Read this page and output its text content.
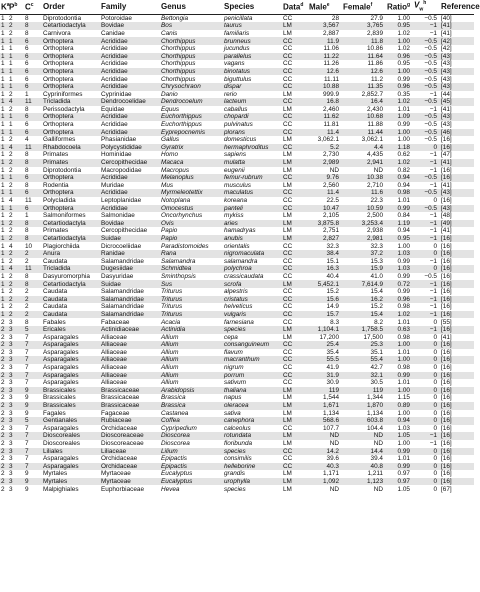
$K^a$	$P^b$	$C^c$	Order	Family	Genus	Species	Data$^d$	Male$^e$	Female$^f$	Ratio$^g$	$V_w^h$	Reference
1	2	8	Diprotodontia	Potoroidae	Bettongia	penicillata	CC	28	27.9	1.00	−0.5	[40]
1	2	8	Cetartiodactyla	Bovidae	Bos	taurus	LM	3,567	3,765	0.95	−1	[41]
1	2	8	Carnivora	Canidae	Canis	familiaris	LM	2,887	2,839	1.02	−1	[41]
1	1	6	Orthoptera	Acrididae	Chorthippus	brunneus	CC	11.9	11.8	1.00	−0.5	[42]
1	1	6	Orthoptera	Acrididae	Chorthippus	jucundus	CC	11.06	10.86	1.02	−0.5	[42]
1	1	6	Orthoptera	Acrididae	Chorthippus	parallelus	CC	11.22	11.64	0.96	−0.5	[43]
1	1	6	Orthoptera	Acrididae	Chorthippus	vagans	CC	11.26	11.86	0.95	−0.5	[43]
1	1	6	Orthoptera	Acrididae	Chorthippus	binotatus	CC	12.6	12.6	1.00	−0.5	[43]
1	1	6	Orthoptera	Acrididae	Chorthippus	biguttulus	CC	11.11	11.2	0.99	−0.5	[43]
1	1	6	Orthoptera	Acrididae	Chrysochraon	dispar	CC	10.88	11.35	0.96	−0.5	[43]
1	2	1	Cypriniformes	Cyprinidae	Danio	rerio	LM	999.9	2,852.7	0.35	−1	[44]
1	4	11	Tricladida	Dendrocoelidae	Dendrocoelum	lacteum	CC	16.8	16.4	1.02	−0.5	[45]
1	2	8	Perissodactyla	Equidae	Equus	caballus	LM	2,460	2,430	1.01	−1	[41]
1	1	6	Orthoptera	Acrididae	Euchorthippus	chopardi	CC	11.62	10.68	1.09	−0.5	[43]
1	1	6	Orthoptera	Acrididae	Euchorthippus	pulvinatus	CC	11.81	11.88	0.99	−0.5	[43]
1	1	6	Orthoptera	Acrididae	Eyprepocnemis	plorans	CC	11.4	11.44	1.00	−0.5	[46]
1	2	4	Galliformes	Phasianidae	Gallus	domesticus	LM	3,062.1	3,062.1	1.00	−0.5	[16]
1	4	11	Rhabdocoela	Polycystididae	Gyratrix	hermaphroditus	CC	5.2	4.4	1.18	0	[16]
1	2	8	Primates	Hominidae	Homo	sapiens	LM	2,730	4,435	0.62	−1	[47]
1	2	8	Primates	Cercopithecidae	Macaca	mulatta	LM	2,989	2,941	1.02	−1	[41]
1	2	8	Diprotodontia	Macropodidae	Macropus	eugenii	LM	ND	ND	0.82	−1	[16]
1	1	6	Orthoptera	Acrididae	Melanoplus	femur-rubrum	CC	9.76	10.38	0.94	−0.5	[16]
1	2	8	Rodentia	Muridae	Mus	musculus	LM	2,560	2,710	0.94	−1	[41]
1	1	6	Orthoptera	Acrididae	Myrmeleotettix	maculatus	CC	11.4	11.6	0.98	−0.5	[43]
1	4	11	Polycladida	Leptoplanidae	Notoplana	koreana	CC	22.5	22.3	1.01	0	[16]
1	1	6	Orthoptera	Acrididae	Omocestus	panteli	CC	10.47	10.59	0.99	−0.5	[43]
1	2	1	Salmoniformes	Salmonidae	Oncorhynchus	mykiss	LM	2,105	2,500	0.84	−1	[48]
1	2	8	Cetartiodactyla	Bovidae	Ovis	aries	LM	3,875.8	3,253.4	1.19	−1	[49]
1	2	8	Primates	Cercopithecidae	Papio	hamadryas	LM	2,751	2,938	0.94	−1	[41]
1	2	8	Cetartiodactyla	Suidae	Papio	anubis	LM	2,827	2,981	0.95	−1	[16]
1	4	10	Plagiorchiida	Dicrocoeliidae	Paradistomoides	orientalis	CC	32.3	32.3	1.00	0	[16]
1	2	2	Anura	Ranidae	Rana	nigromaculata	CC	38.4	37.2	1.03	0	[16]
1	2	2	Caudata	Salamandridae	Salamandra	salamandra	CC	15.1	15.3	0.99	−1	[16]
1	4	11	Tricladida	Dugesiidae	Schmidtea	polychroa	CC	16.3	15.9	1.03	0	[16]
1	2	8	Dasyuromorphia	Dasyuridae	Sminthopsis	crassicaudata	CC	40.4	41.0	0.99	−0.5	[16]
1	2	8	Cetartiodactyla	Suidae	Sus	scrofa	LM	5,452.1	7,614.9	0.72	−1	[16]
1	2	2	Caudata	Salamandridae	Triturus	alpestris	CC	15.2	15.4	0.99	−1	[16]
1	2	2	Caudata	Salamandridae	Triturus	cristatus	CC	15.6	16.2	0.96	−1	[16]
1	2	2	Caudata	Salamandridae	Triturus	helveticus	CC	14.9	15.2	0.98	−1	[16]
1	2	2	Caudata	Salamandridae	Triturus	vulgaris	CC	15.7	15.4	1.02	−1	[16]
2	3	8	Fabales	Fabaceae	Acacia	farnesiana	CC	8.3	8.2	1.01	0	[55]
2	3	5	Ericales	Actinidiaceae	Actinidia	species	LM	1,104.1	1,758.5	0.63	−1	[16]
2	3	7	Asparagales	Alliaceae	Allium	cepa	LM	17,200	17,500	0.98	0	[41]
2	3	7	Asparagales	Alliaceae	Allium	consanguineum	CC	25.4	25.3	1.00	0	[16]
2	3	7	Asparagales	Alliaceae	Allium	flavum	CC	35.4	35.1	1.01	0	[16]
2	3	7	Asparagales	Alliaceae	Allium	macranthum	CC	55.5	55.4	1.00	0	[16]
2	3	7	Asparagales	Alliaceae	Allium	nigrum	CC	41.9	42.7	0.98	0	[16]
2	3	7	Asparagales	Alliaceae	Allium	porrum	CC	31.9	32.1	0.99	0	[16]
2	3	7	Asparagales	Alliaceae	Allium	sativum	CC	30.9	30.5	1.01	0	[16]
2	3	9	Brassicales	Brassicaceae	Arabidopsis	thaliana	LM	119	119	1.00	0	[16]
2	3	9	Brassicales	Brassicaceae	Brassica	napus	LM	1,544	1,344	1.15	0	[16]
2	3	9	Brassicales	Brassicaceae	Brassica	oleracea	LM	1,671	1,870	0.89	0	[16]
2	3	9	Fagales	Fagaceae	Castanea	sativa	LM	1,134	1,134	1.00	0	[16]
2	3	5	Gentianales	Rubiaceae	Coffea	canephora	LM	568.6	603.8	0.94	0	[16]
2	3	7	Asparagales	Orchidaceae	Cypripedium	calceolus	CC	107.7	104.4	1.03	0	[16]
2	3	7	Dioscoreales	Dioscoreaceae	Dioscorea	rotundata	LM	ND	ND	1.05	−1	[16]
2	3	7	Dioscoreales	Dioscoreaceae	Dioscorea	floribunda	LM	ND	ND	1.00	−1	[16]
2	3	7	Liliales	Liliaceae	Lilium	species	CC	14.2	14.4	0.99	0	[16]
2	3	7	Asparagales	Orchidaceae	Epipactis	consimilis	CC	39.6	39.4	1.01	0	[16]
2	3	7	Asparagales	Orchidaceae	Epipactis	helleborine	CC	40.3	40.8	0.99	0	[16]
2	3	9	Myrtales	Myrtaceae	Eucalyptus	grandis	LM	1,171	1,211	0.97	0	[16]
2	3	9	Myrtales	Myrtaceae	Eucalyptus	urophylla	LM	1,092	1,123	0.97	0	[16]
2	3	9	Malpighiales	Euphorbiaceae	Hevea	species	LM	ND	ND	1.05	0	[67]
